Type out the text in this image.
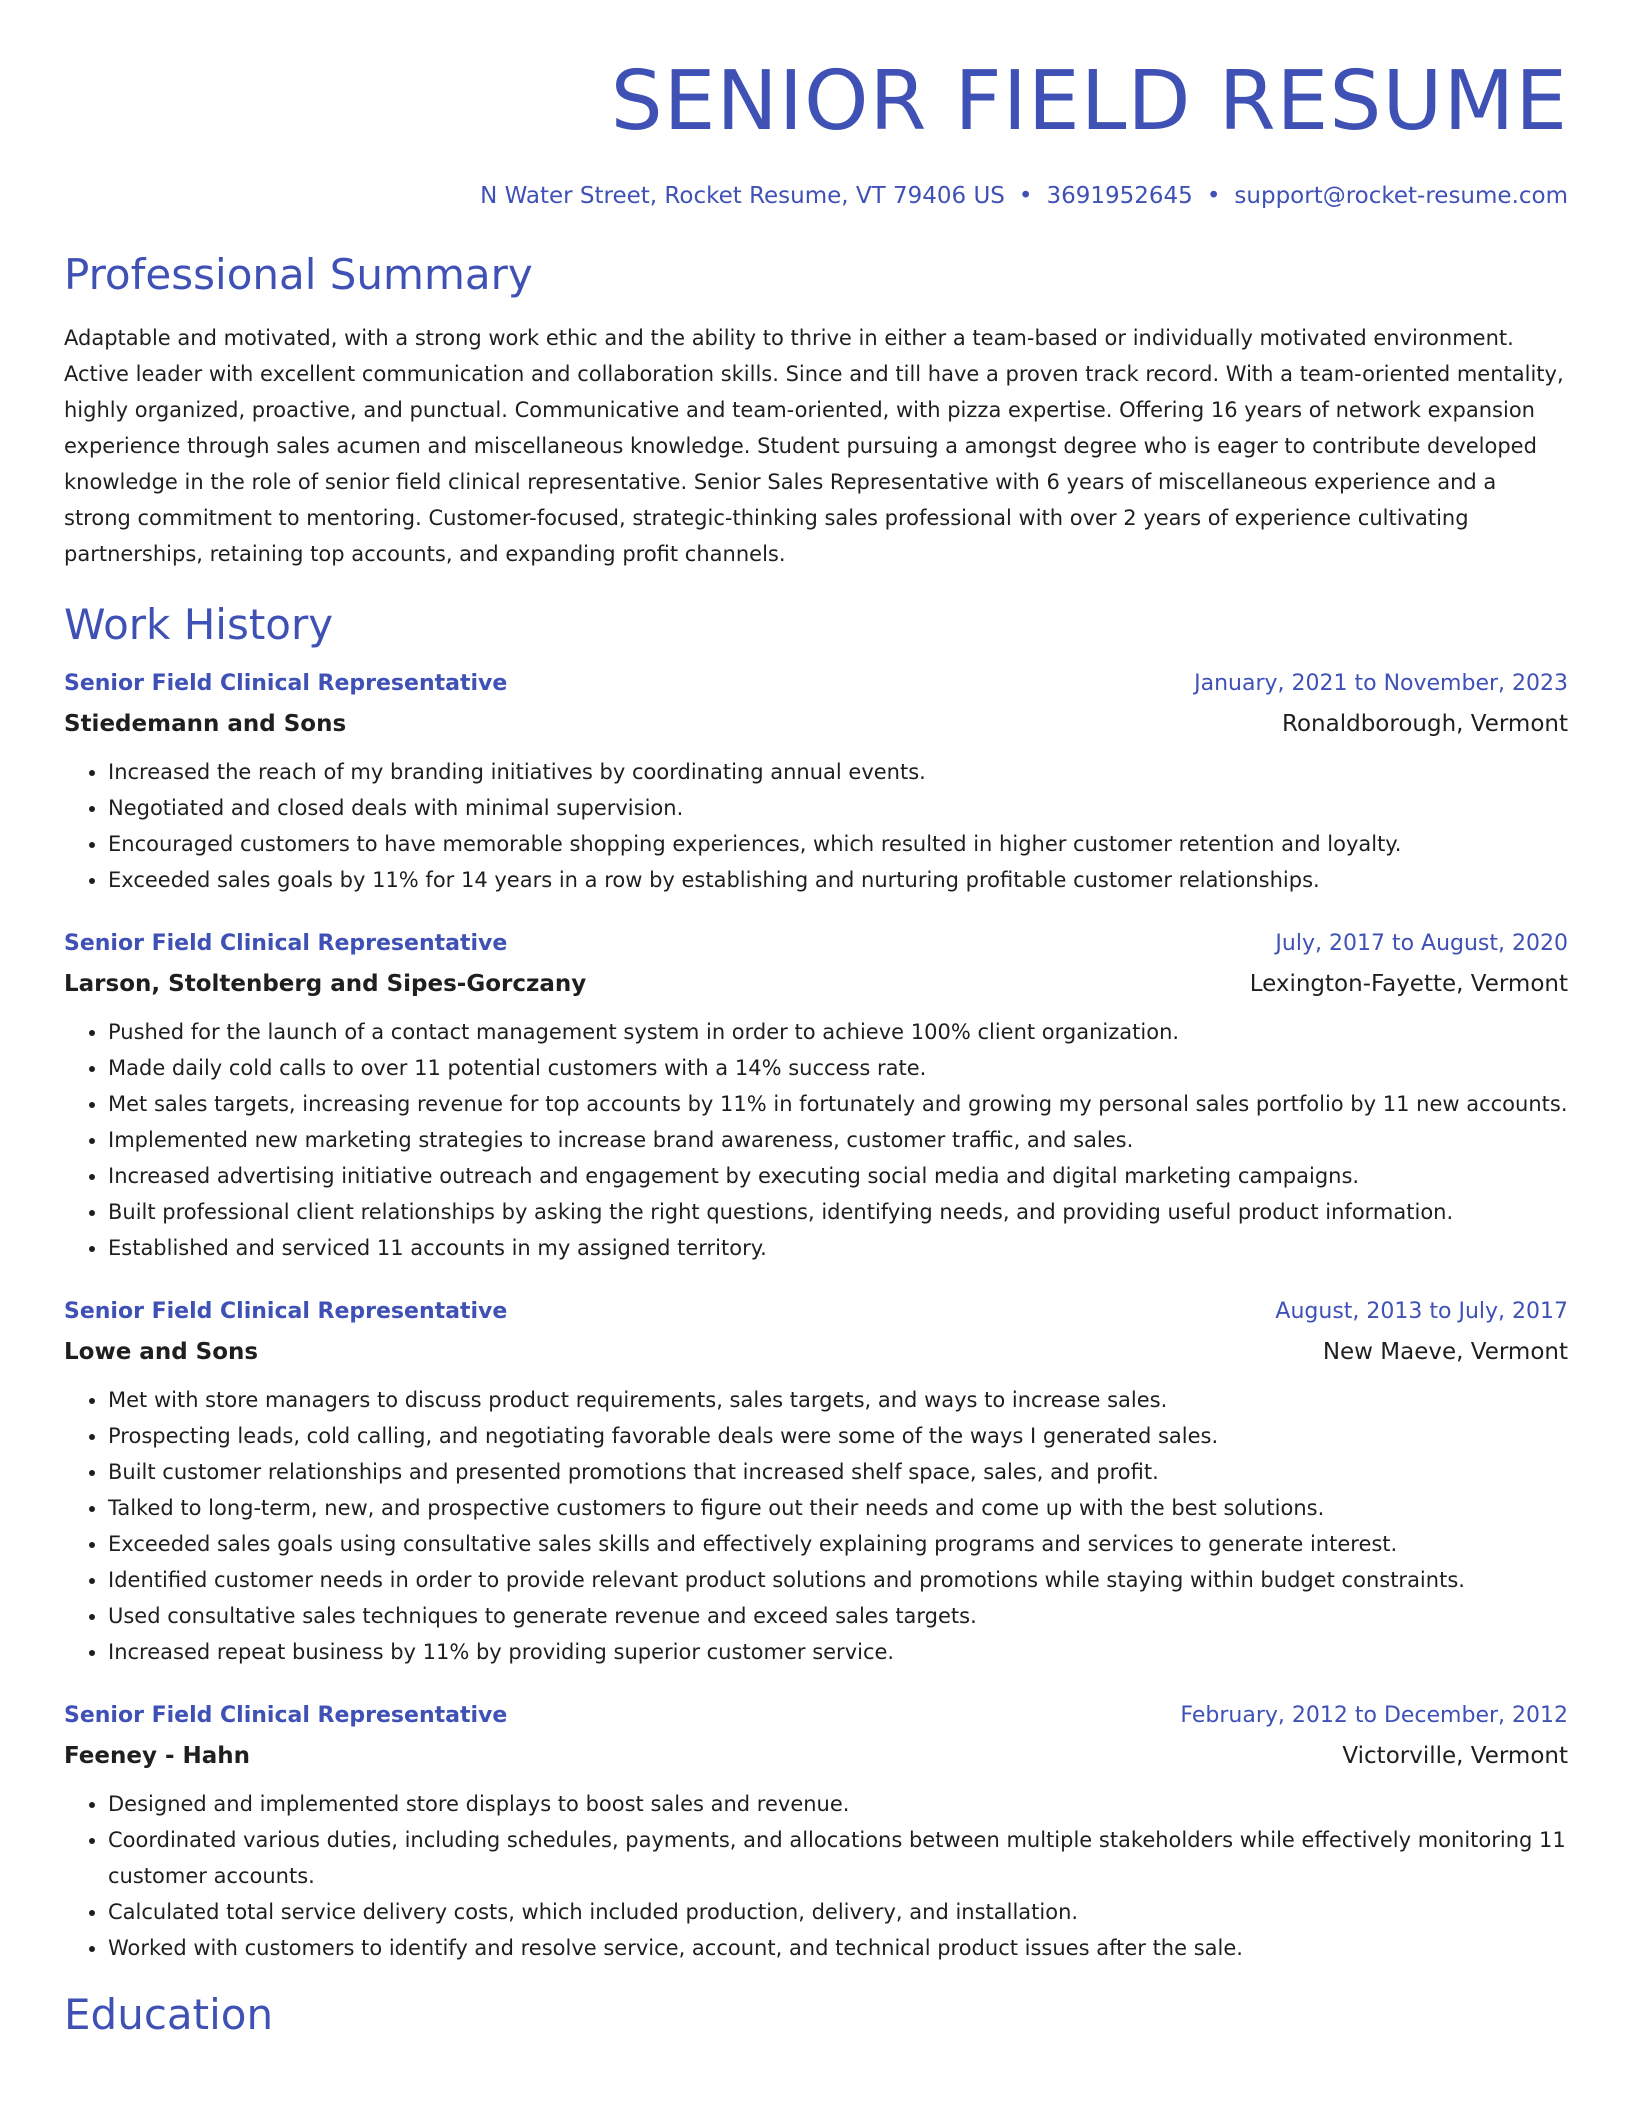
SENIOR FIELD RESUME
N Water Street, Rocket Resume, VT 79406 US • 3691952645 • support@rocket-resume.com
Professional Summary

Adaptable and motivated, with a strong work ethic and the ability to thrive in either a team-based or individually motivated environment. Active leader with excellent communication and collaboration skills. Since and till have a proven track record. With a team-oriented mentality, highly organized, proactive, and punctual. Communicative and team-oriented, with pizza expertise. Offering 16 years of network expansion experience through sales acumen and miscellaneous knowledge. Student pursuing a amongst degree who is eager to contribute developed knowledge in the role of senior field clinical representative. Senior Sales Representative with 6 years of miscellaneous experience and a strong commitment to mentoring. Customer-focused, strategic-thinking sales professional with over 2 years of experience cultivating partnerships, retaining top accounts, and expanding profit channels.

Work History
Senior Field Clinical Representative	January, 2021 to November, 2023
Stiedemann and Sons	Ronaldborough, Vermont
• Increased the reach of my branding initiatives by coordinating annual events.
• Negotiated and closed deals with minimal supervision.
• Encouraged customers to have memorable shopping experiences, which resulted in higher customer retention and loyalty.
• Exceeded sales goals by 11% for 14 years in a row by establishing and nurturing profitable customer relationships.
Senior Field Clinical Representative	July, 2017 to August, 2020
Larson, Stoltenberg and Sipes-Gorczany	Lexington-Fayette, Vermont
• Pushed for the launch of a contact management system in order to achieve 100% client organization.
• Made daily cold calls to over 11 potential customers with a 14% success rate.
• Met sales targets, increasing revenue for top accounts by 11% in fortunately and growing my personal sales portfolio by 11 new accounts.
• Implemented new marketing strategies to increase brand awareness, customer traffic, and sales.
• Increased advertising initiative outreach and engagement by executing social media and digital marketing campaigns.
• Built professional client relationships by asking the right questions, identifying needs, and providing useful product information.
• Established and serviced 11 accounts in my assigned territory.
Senior Field Clinical Representative	August, 2013 to July, 2017
Lowe and Sons	New Maeve, Vermont
• Met with store managers to discuss product requirements, sales targets, and ways to increase sales.
• Prospecting leads, cold calling, and negotiating favorable deals were some of the ways I generated sales.
• Built customer relationships and presented promotions that increased shelf space, sales, and profit.
• Talked to long-term, new, and prospective customers to figure out their needs and come up with the best solutions.
• Exceeded sales goals using consultative sales skills and effectively explaining programs and services to generate interest.
• Identified customer needs in order to provide relevant product solutions and promotions while staying within budget constraints.
• Used consultative sales techniques to generate revenue and exceed sales targets.
• Increased repeat business by 11% by providing superior customer service.
Senior Field Clinical Representative	February, 2012 to December, 2012
Feeney - Hahn	Victorville, Vermont
• Designed and implemented store displays to boost sales and revenue.
• Coordinated various duties, including schedules, payments, and allocations between multiple stakeholders while effectively monitoring 11 customer accounts.
• Calculated total service delivery costs, which included production, delivery, and installation.
• Worked with customers to identify and resolve service, account, and technical product issues after the sale.
Education
